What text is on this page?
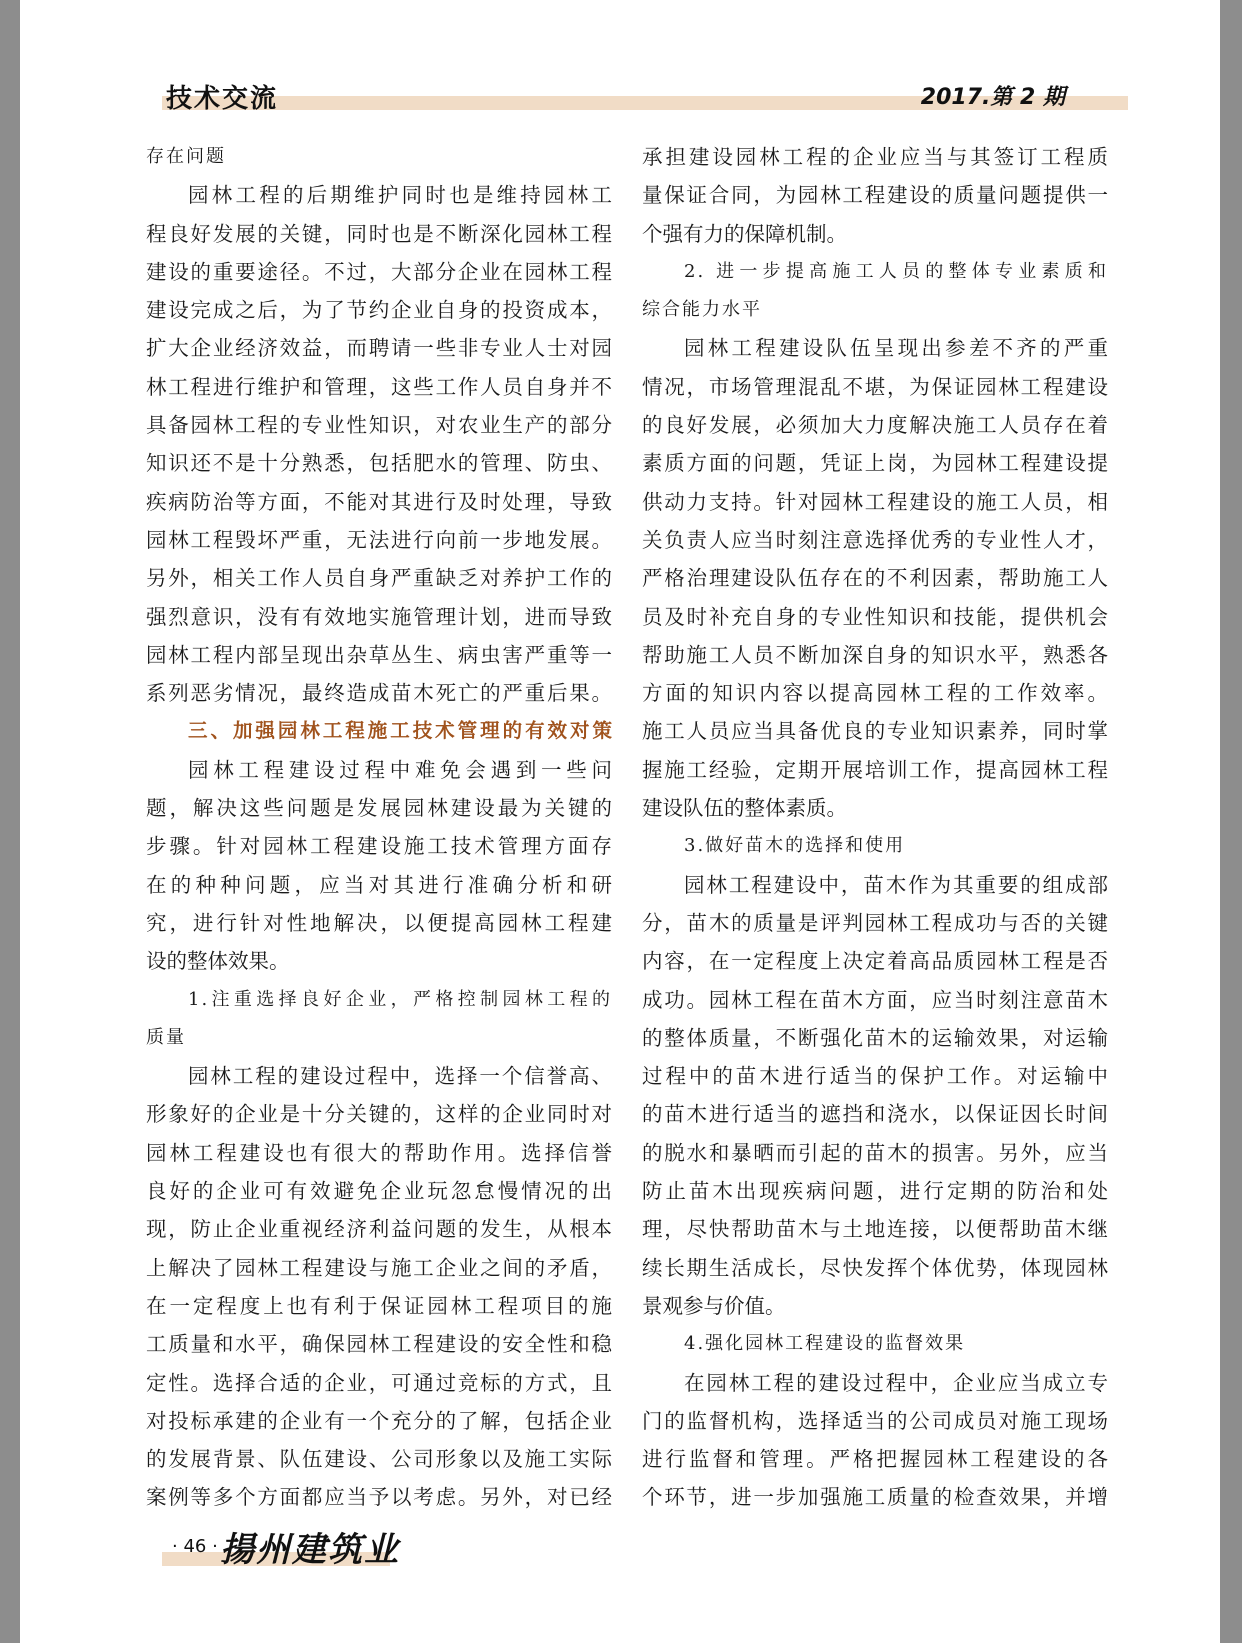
技术交流	2017.第 2 期
存在问题
园林工程的后期维护同时也是维持园林工
程良好发展的关键，同时也是不断深化园林工程
建设的重要途径。不过，大部分企业在园林工程
建设完成之后，为了节约企业自身的投资成本，
扩大企业经济效益，而聘请一些非专业人士对园
林工程进行维护和管理，这些工作人员自身并不
具备园林工程的专业性知识，对农业生产的部分
知识还不是十分熟悉，包括肥水的管理、防虫、
疾病防治等方面，不能对其进行及时处理，导致
园林工程毁坏严重，无法进行向前一步地发展。
另外，相关工作人员自身严重缺乏对养护工作的
强烈意识，没有有效地实施管理计划，进而导致
园林工程内部呈现出杂草丛生、病虫害严重等一
系列恶劣情况，最终造成苗木死亡的严重后果。
三、加强园林工程施工技术管理的有效对策
园林工程建设过程中难免会遇到一些问
题，解决这些问题是发展园林建设最为关键的
步骤。针对园林工程建设施工技术管理方面存
在的种种问题，应当对其进行准确分析和研
究，进行针对性地解决，以便提高园林工程建
设的整体效果。
1.注重选择良好企业，严格控制园林工程的
质量
园林工程的建设过程中，选择一个信誉高、
形象好的企业是十分关键的，这样的企业同时对
园林工程建设也有很大的帮助作用。选择信誉
良好的企业可有效避免企业玩忽怠慢情况的出
现，防止企业重视经济利益问题的发生，从根本
上解决了园林工程建设与施工企业之间的矛盾，
在一定程度上也有利于保证园林工程项目的施
工质量和水平，确保园林工程建设的安全性和稳
定性。选择合适的企业，可通过竞标的方式，且
对投标承建的企业有一个充分的了解，包括企业
的发展背景、队伍建设、公司形象以及施工实际
案例等多个方面都应当予以考虑。另外，对已经
承担建设园林工程的企业应当与其签订工程质
量保证合同，为园林工程建设的质量问题提供一
个强有力的保障机制。
2. 进一步提高施工人员的整体专业素质和
综合能力水平
园林工程建设队伍呈现出参差不齐的严重
情况，市场管理混乱不堪，为保证园林工程建设
的良好发展，必须加大力度解决施工人员存在着
素质方面的问题，凭证上岗，为园林工程建设提
供动力支持。针对园林工程建设的施工人员，相
关负责人应当时刻注意选择优秀的专业性人才，
严格治理建设队伍存在的不利因素，帮助施工人
员及时补充自身的专业性知识和技能，提供机会
帮助施工人员不断加深自身的知识水平，熟悉各
方面的知识内容以提高园林工程的工作效率。
施工人员应当具备优良的专业知识素养，同时掌
握施工经验，定期开展培训工作，提高园林工程
建设队伍的整体素质。
3.做好苗木的选择和使用
园林工程建设中，苗木作为其重要的组成部
分，苗木的质量是评判园林工程成功与否的关键
内容，在一定程度上决定着高品质园林工程是否
成功。园林工程在苗木方面，应当时刻注意苗木
的整体质量，不断强化苗木的运输效果，对运输
过程中的苗木进行适当的保护工作。对运输中
的苗木进行适当的遮挡和浇水，以保证因长时间
的脱水和暴晒而引起的苗木的损害。另外，应当
防止苗木出现疾病问题，进行定期的防治和处
理，尽快帮助苗木与土地连接，以便帮助苗木继
续长期生活成长，尽快发挥个体优势，体现园林
景观参与价值。
4.强化园林工程建设的监督效果
在园林工程的建设过程中，企业应当成立专
门的监督机构，选择适当的公司成员对施工现场
进行监督和管理。严格把握园林工程建设的各
个环节，进一步加强施工质量的检查效果，并增
· 46 · 揚州建筑业
